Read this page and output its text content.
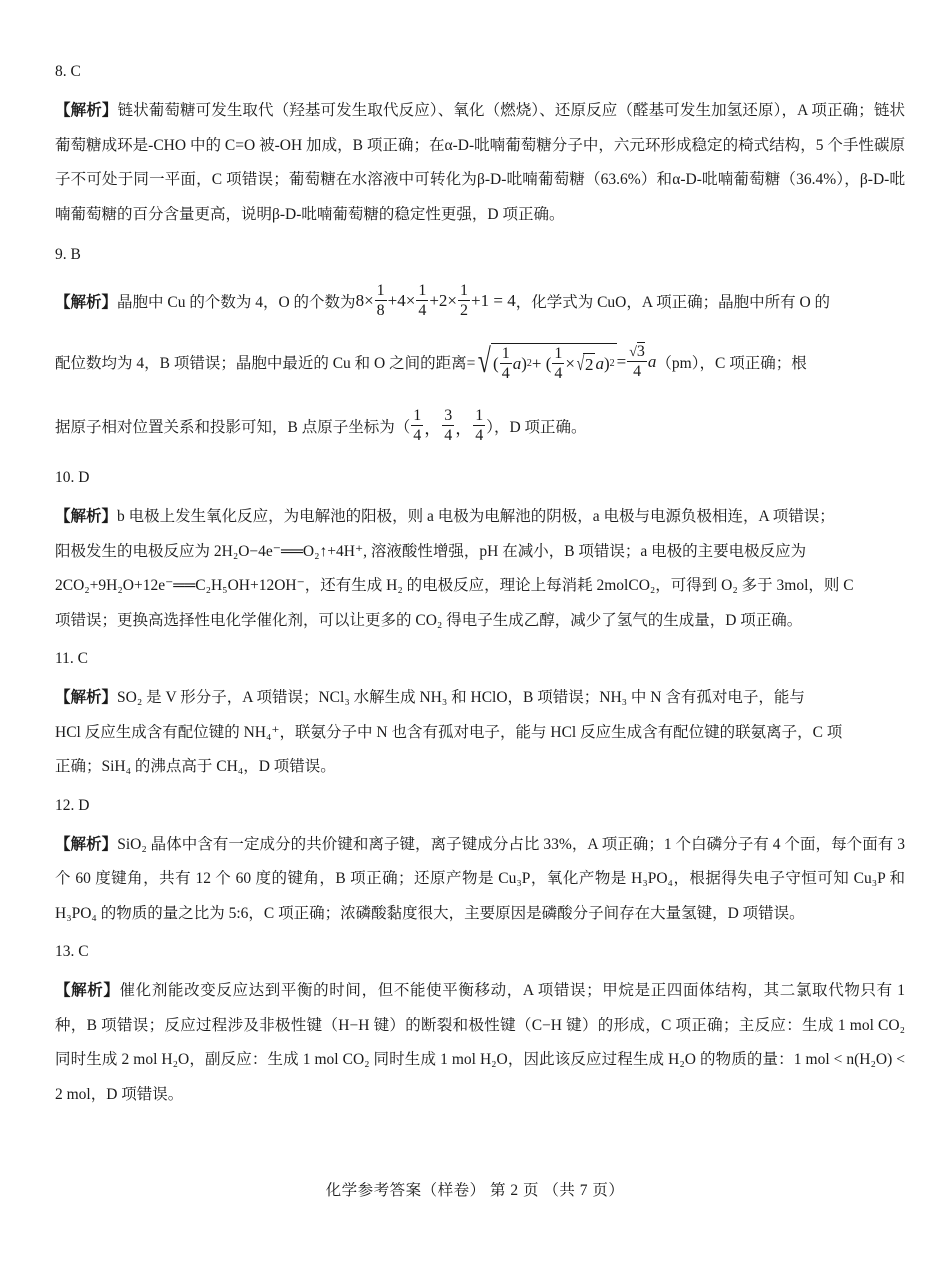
8. C

【解析】链状葡萄糖可发生取代（羟基可发生取代反应）、氧化（燃烧）、还原反应（醛基可发生加氢还原），A 项正确；链状葡萄糖成环是-CHO 中的 C=O 被-OH 加成，B 项正确；在α-D-吡喃葡萄糖分子中，六元环形成稳定的椅式结构，5 个手性碳原子不可处于同一平面，C 项错误；葡萄糖在水溶液中可转化为β-D-吡喃葡萄糖（63.6%）和α-D-吡喃葡萄糖（36.4%），β-D-吡喃葡萄糖的百分含量更高，说明β-D-吡喃葡萄糖的稳定性更强，D 项正确。

9. B

【解析】 晶胞中 Cu 的个数为 4，O 的个数为 $8\times \frac{1}{8} +4\times \frac{1}{4} +2\times \frac{1}{2} +1 = 4$ ，化学式为 CuO，A 项正确；晶胞中所有 O 的
配位数均为 4，B 项错误；晶胞中最近的 Cu 和 O 之间的距离= √ ( $\frac{1}{4}$ a ) 2 + ( $\frac{1}{4}$ × √ 2 a ) $2 = \frac{√3}{4}$ a （pm），C 项正确；根
据原子相对位置关系和投影可知，B 点原子坐标为（ $\frac{1}{4}$ ， $\frac{3}{4}$ ， $\frac{1}{4}$ ），D 项正确。

10. D

【解析】b 电极上发生氧化反应，为电解池的阳极，则 a 电极为电解池的阴极，a 电极与电源负极相连，A 项错误；
阳极发生的电极反应为 2H₂O−4e⁻══O₂↑+4H⁺, 溶液酸性增强，pH 在减小，B 项错误；a 电极的主要电极反应为
2CO₂+9H₂O+12e⁻══C₂H₅OH+12OH⁻，还有生成 H₂ 的电极反应，理论上每消耗 2molCO₂，可得到 O₂ 多于 3mol，则 C
项错误；更换高选择性电化学催化剂，可以让更多的 CO₂ 得电子生成乙醇，减少了氢气的生成量，D 项正确。

11. C

【解析】SO₂ 是 V 形分子，A 项错误；NCl₃ 水解生成 NH₃ 和 HClO，B 项错误；NH₃ 中 N 含有孤对电子，能与
HCl 反应生成含有配位键的 NH₄⁺，联氨分子中 N 也含有孤对电子，能与 HCl 反应生成含有配位键的联氨离子，C 项
正确；SiH₄ 的沸点高于 CH₄，D 项错误。

12. D

【解析】SiO₂ 晶体中含有一定成分的共价键和离子键，离子键成分占比 33%，A 项正确；1 个白磷分子有 4 个面，每个面有 3 个 60 度键角，共有 12 个 60 度的键角，B 项正确；还原产物是 Cu₃P，氧化产物是 H₃PO₄，根据得失电子守恒可知 Cu₃P 和 H₃PO₄ 的物质的量之比为 5:6，C 项正确；浓磷酸黏度很大，主要原因是磷酸分子间存在大量氢键，D 项错误。

13. C

【解析】催化剂能改变反应达到平衡的时间，但不能使平衡移动，A 项错误；甲烷是正四面体结构，其二氯取代物只有 1 种，B 项错误；反应过程涉及非极性键（H−H 键）的断裂和极性键（C−H 键）的形成，C 项正确；主反应：生成 1 mol CO₂ 同时生成 2 mol H₂O，副反应：生成 1 mol CO₂ 同时生成 1 mol H₂O，因此该反应过程生成 H₂O 的物质的量：1 mol < n(H₂O) < 2 mol，D 项错误。

化学参考答案（样卷） 第 2 页 （共 7 页）
